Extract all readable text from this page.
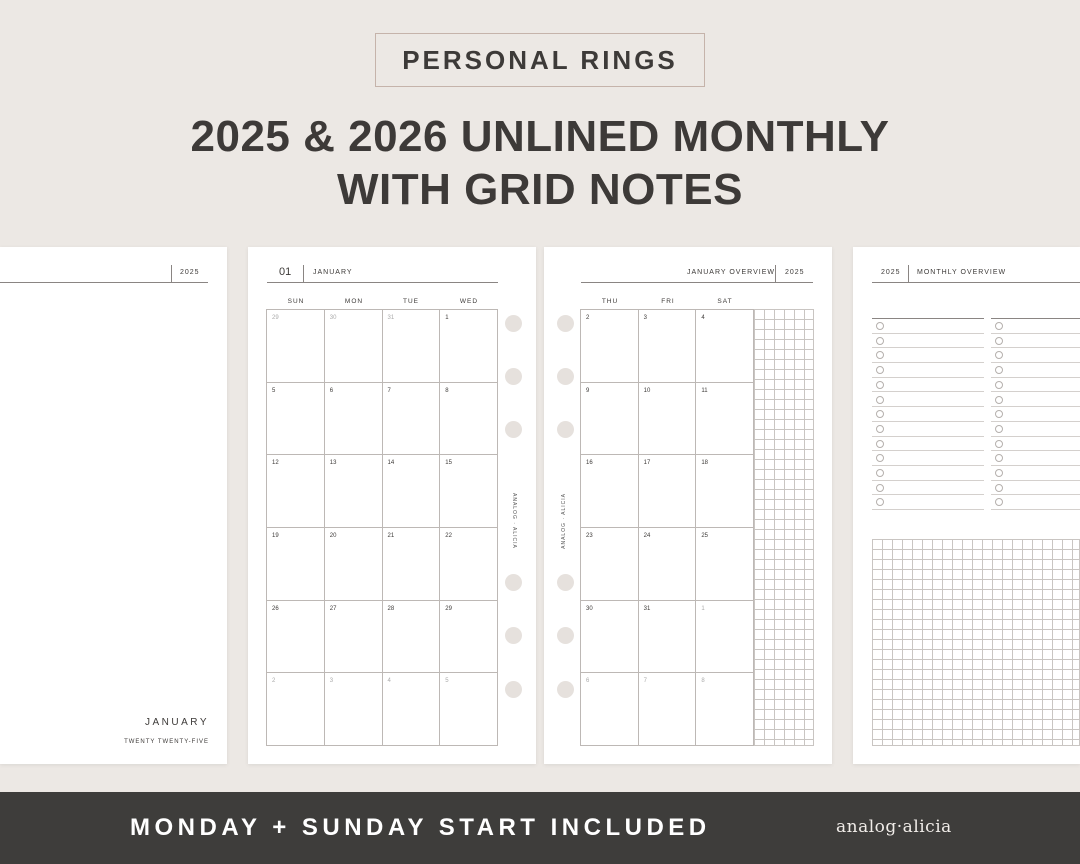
PERSONAL RINGS
2025 & 2026 UNLINED MONTHLY
WITH GRID NOTES
2025
JANUARY
TWENTY TWENTY-FIVE
01	JANUARY
SUN	MON	TUE	WED
29	30	31	1
5	6	7	8
12	13	14	15
19	20	21	22
26	27	28	29
2	3	4	5
ANALOG · ALICIA
JANUARY OVERVIEW 2025
THU	FRI	SAT
2	3	4
9	10	11
16	17	18
23	24	25
30	31	1
6	7	8
ANALOG · ALICIA
2025 MONTHLY OVERVIEW
MONDAY + SUNDAY START INCLUDED	analog·alicia
